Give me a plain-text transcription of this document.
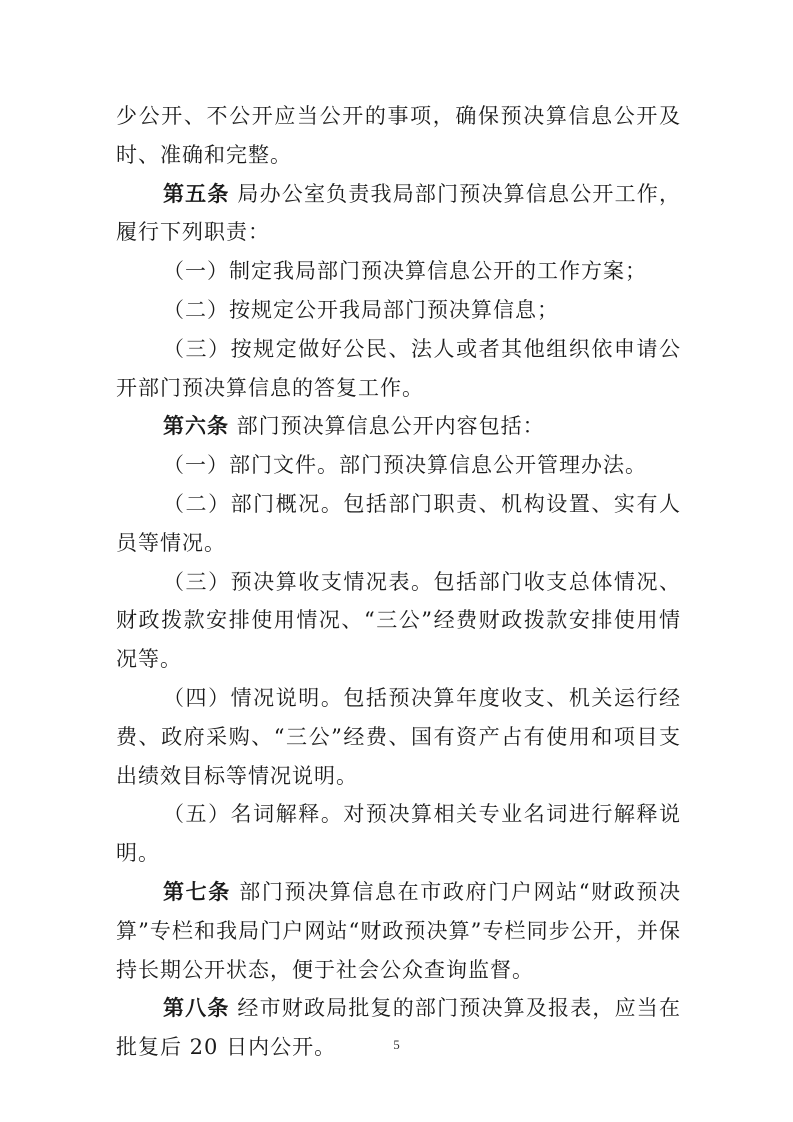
少公开、不公开应当公开的事项，确保预决算信息公开及时、准确和完整。

第五条 局办公室负责我局部门预决算信息公开工作，履行下列职责：

（一）制定我局部门预决算信息公开的工作方案；

（二）按规定公开我局部门预决算信息；

（三）按规定做好公民、法人或者其他组织依申请公开部门预决算信息的答复工作。

第六条 部门预决算信息公开内容包括：

（一）部门文件。部门预决算信息公开管理办法。

（二）部门概况。包括部门职责、机构设置、实有人员等情况。

（三）预决算收支情况表。包括部门收支总体情况、财政拨款安排使用情况、“三公”经费财政拨款安排使用情况等。

（四）情况说明。包括预决算年度收支、机关运行经费、政府采购、“三公”经费、国有资产占有使用和项目支出绩效目标等情况说明。

（五）名词解释。对预决算相关专业名词进行解释说明。

第七条 部门预决算信息在市政府门户网站“财政预决算”专栏和我局门户网站“财政预决算”专栏同步公开，并保持长期公开状态，便于社会公众查询监督。

第八条 经市财政局批复的部门预决算及报表，应当在批复后 20 日内公开。	5
